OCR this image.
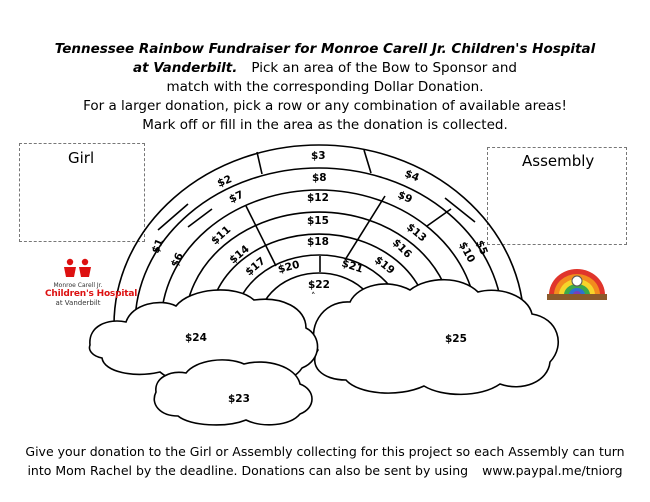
Tennessee Rainbow Fundraiser for Monroe Carell Jr. Children's Hospital
at Vanderbilt. Pick an area of the Bow to Sponsor and
match with the corresponding Dollar Donation.
For a larger donation, pick a row or any combination of available areas!
Mark off or fill in the area as the donation is collected.
Girl	Assembly
˄
$1
$2
$3
$4
$5
$6
$7
$8
$9
$10
$11
$12
$13
$14
$15
$16
$17
$18
$19
$20	$21
$22
$23
$24	$25
Monroe Carell Jr.
Children's Hospital
at Vanderbilt
Give your donation to the Girl or Assembly collecting for this project so each Assembly can turn
into Mom Rachel by the deadline. Donations can also be sent by using www.paypal.me/tniorg
